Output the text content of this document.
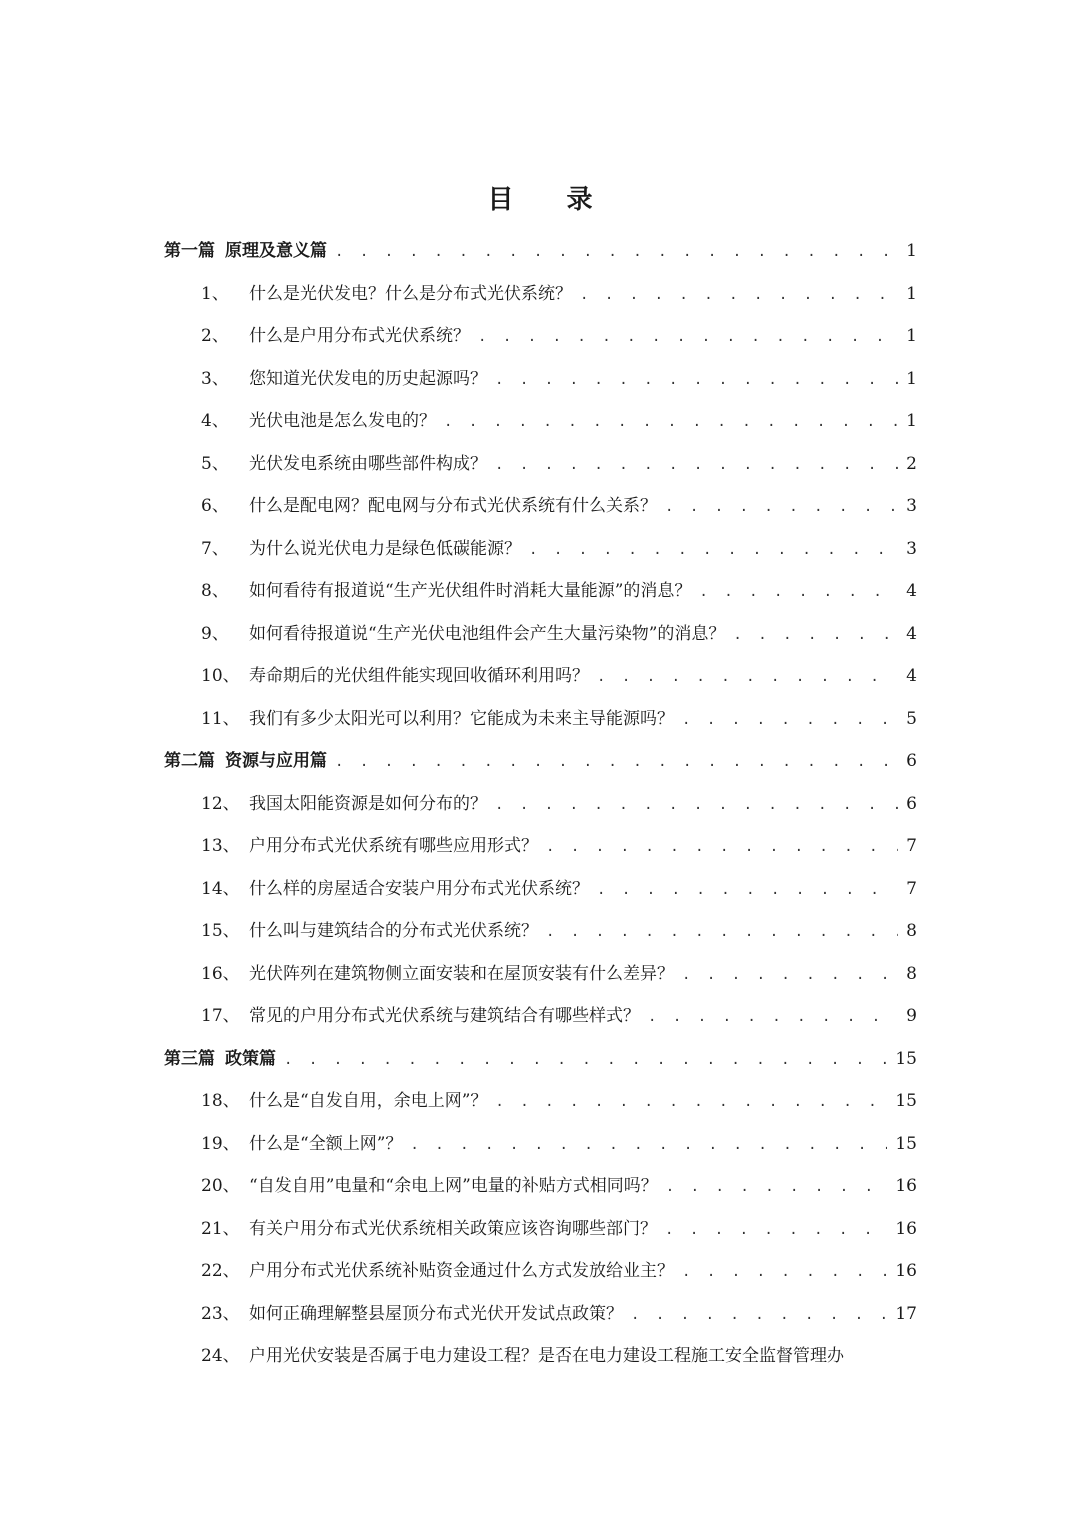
目 录
第一篇 原理及意义篇 . . .	1
1、	什么是光伏发电？什么是分布式光伏系统？ . . .	1
2、	什么是户用分布式光伏系统？ . . .	1
3、	您知道光伏发电的历史起源吗？ . . .	1
4、	光伏电池是怎么发电的？ . . .	1
5、	光伏发电系统由哪些部件构成？ . . .	2
6、	什么是配电网？配电网与分布式光伏系统有什么关系？ . . .	3
7、	为什么说光伏电力是绿色低碳能源？ . . .	3
8、	如何看待有报道说“生产光伏组件时消耗大量能源”的消息？ . . .	4
9、	如何看待报道说“生产光伏电池组件会产生大量污染物”的消息？ . . .	4
10、 寿命期后的光伏组件能实现回收循环利用吗？ . . .	4
11、 我们有多少太阳光可以利用？它能成为未来主导能源吗？ . . .	5
第二篇 资源与应用篇 . . .	6
12、 我国太阳能资源是如何分布的？ . . .	6
13、 户用分布式光伏系统有哪些应用形式？ . . .	7
14、 什么样的房屋适合安装户用分布式光伏系统？ . . .	7
15、 什么叫与建筑结合的分布式光伏系统？ . . .	8
16、 光伏阵列在建筑物侧立面安装和在屋顶安装有什么差异？ . . .	8
17、 常见的户用分布式光伏系统与建筑结合有哪些样式？ . . .	9
第三篇 政策篇 . . .	15
18、 什么是“自发自用，余电上网”？ . . .	15
19、 什么是“全额上网”？ . . .	15
20、 “自发自用”电量和“余电上网”电量的补贴方式相同吗？ . . .	16
21、 有关户用分布式光伏系统相关政策应该咨询哪些部门？ . . .	16
22、 户用分布式光伏系统补贴资金通过什么方式发放给业主？ . . .	16
23、 如何正确理解整县屋顶分布式光伏开发试点政策？ . . .	17
24、 户用光伏安装是否属于电力建设工程？是否在电力建设工程施工安全监督管理办
